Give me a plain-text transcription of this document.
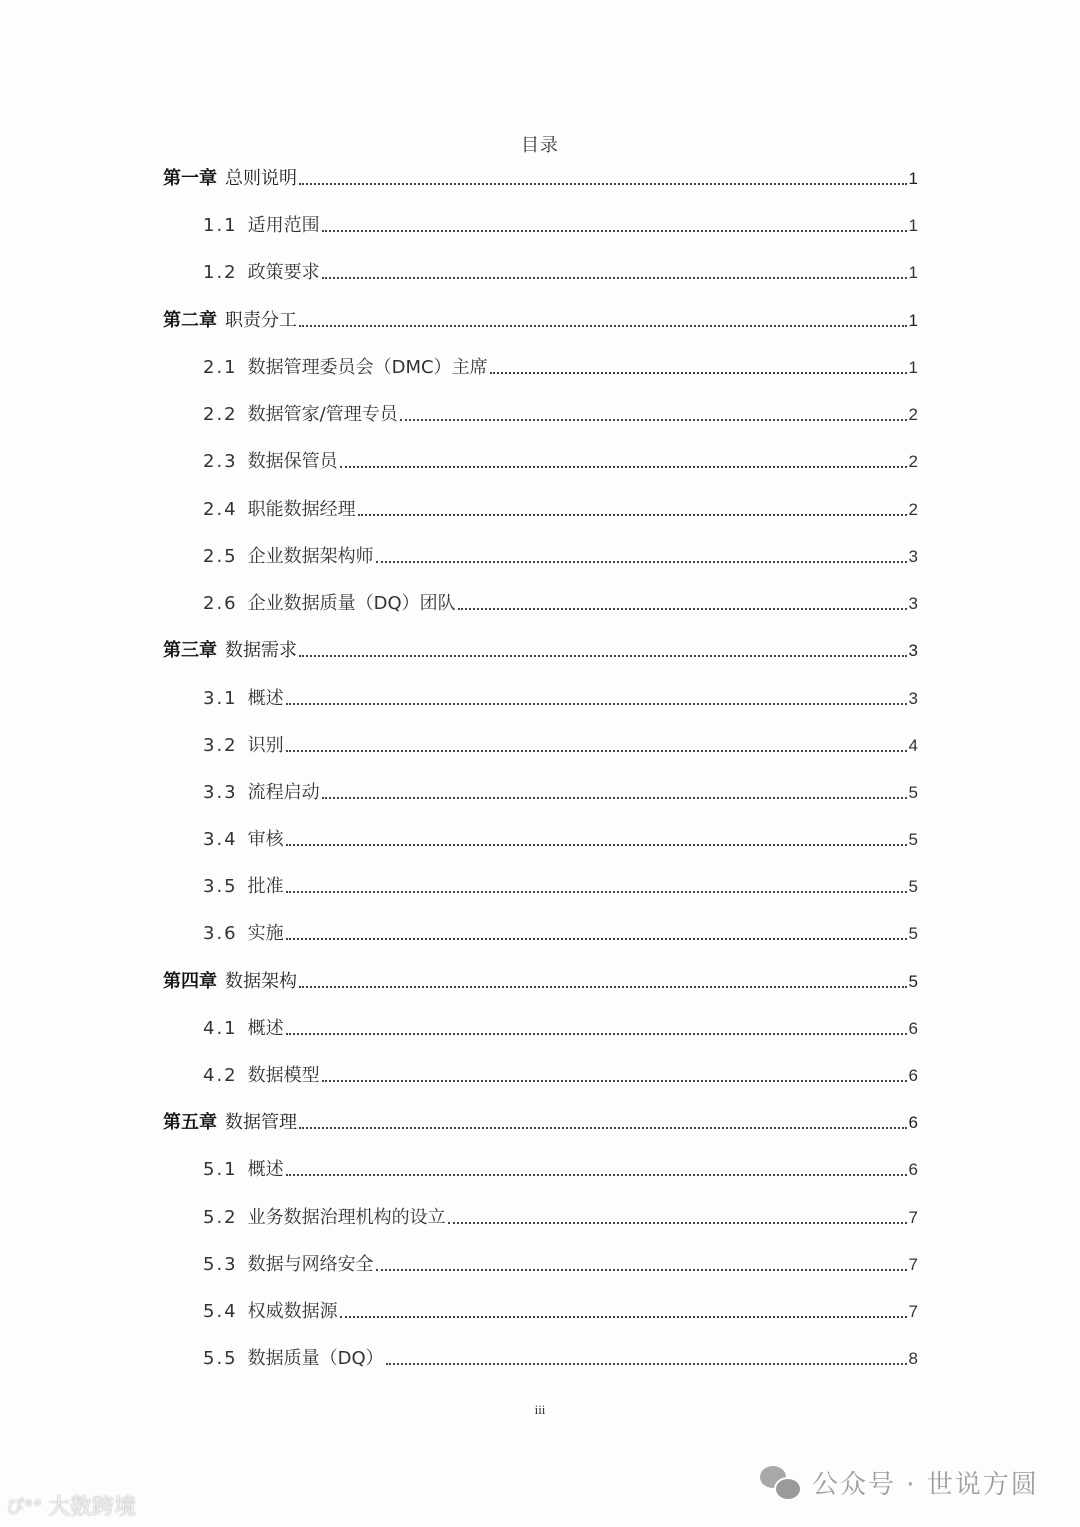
目录
第一章 总则说明	1
1.1 适用范围	1
1.2 政策要求	1
第二章 职责分工	1
2.1 数据管理委员会（DMC）主席	1
2.2 数据管家/管理专员	2
2.3 数据保管员	2
2.4 职能数据经理	2
2.5 企业数据架构师	3
2.6 企业数据质量（DQ）团队	3
第三章 数据需求	3
3.1 概述	3
3.2 识别	4
3.3 流程启动	5
3.4 审核	5
3.5 批准	5
3.6 实施	5
第四章 数据架构	5
4.1 概述	6
4.2 数据模型	6
第五章 数据管理	6
5.1 概述	6
5.2 业务数据治理机构的设立	7
5.3 数据与网络安全	7
5.4 权威数据源	7
5.5 数据质量（DQ）	8
iii
ぴ°° 大数跨境
公众号 · 世说方圆
